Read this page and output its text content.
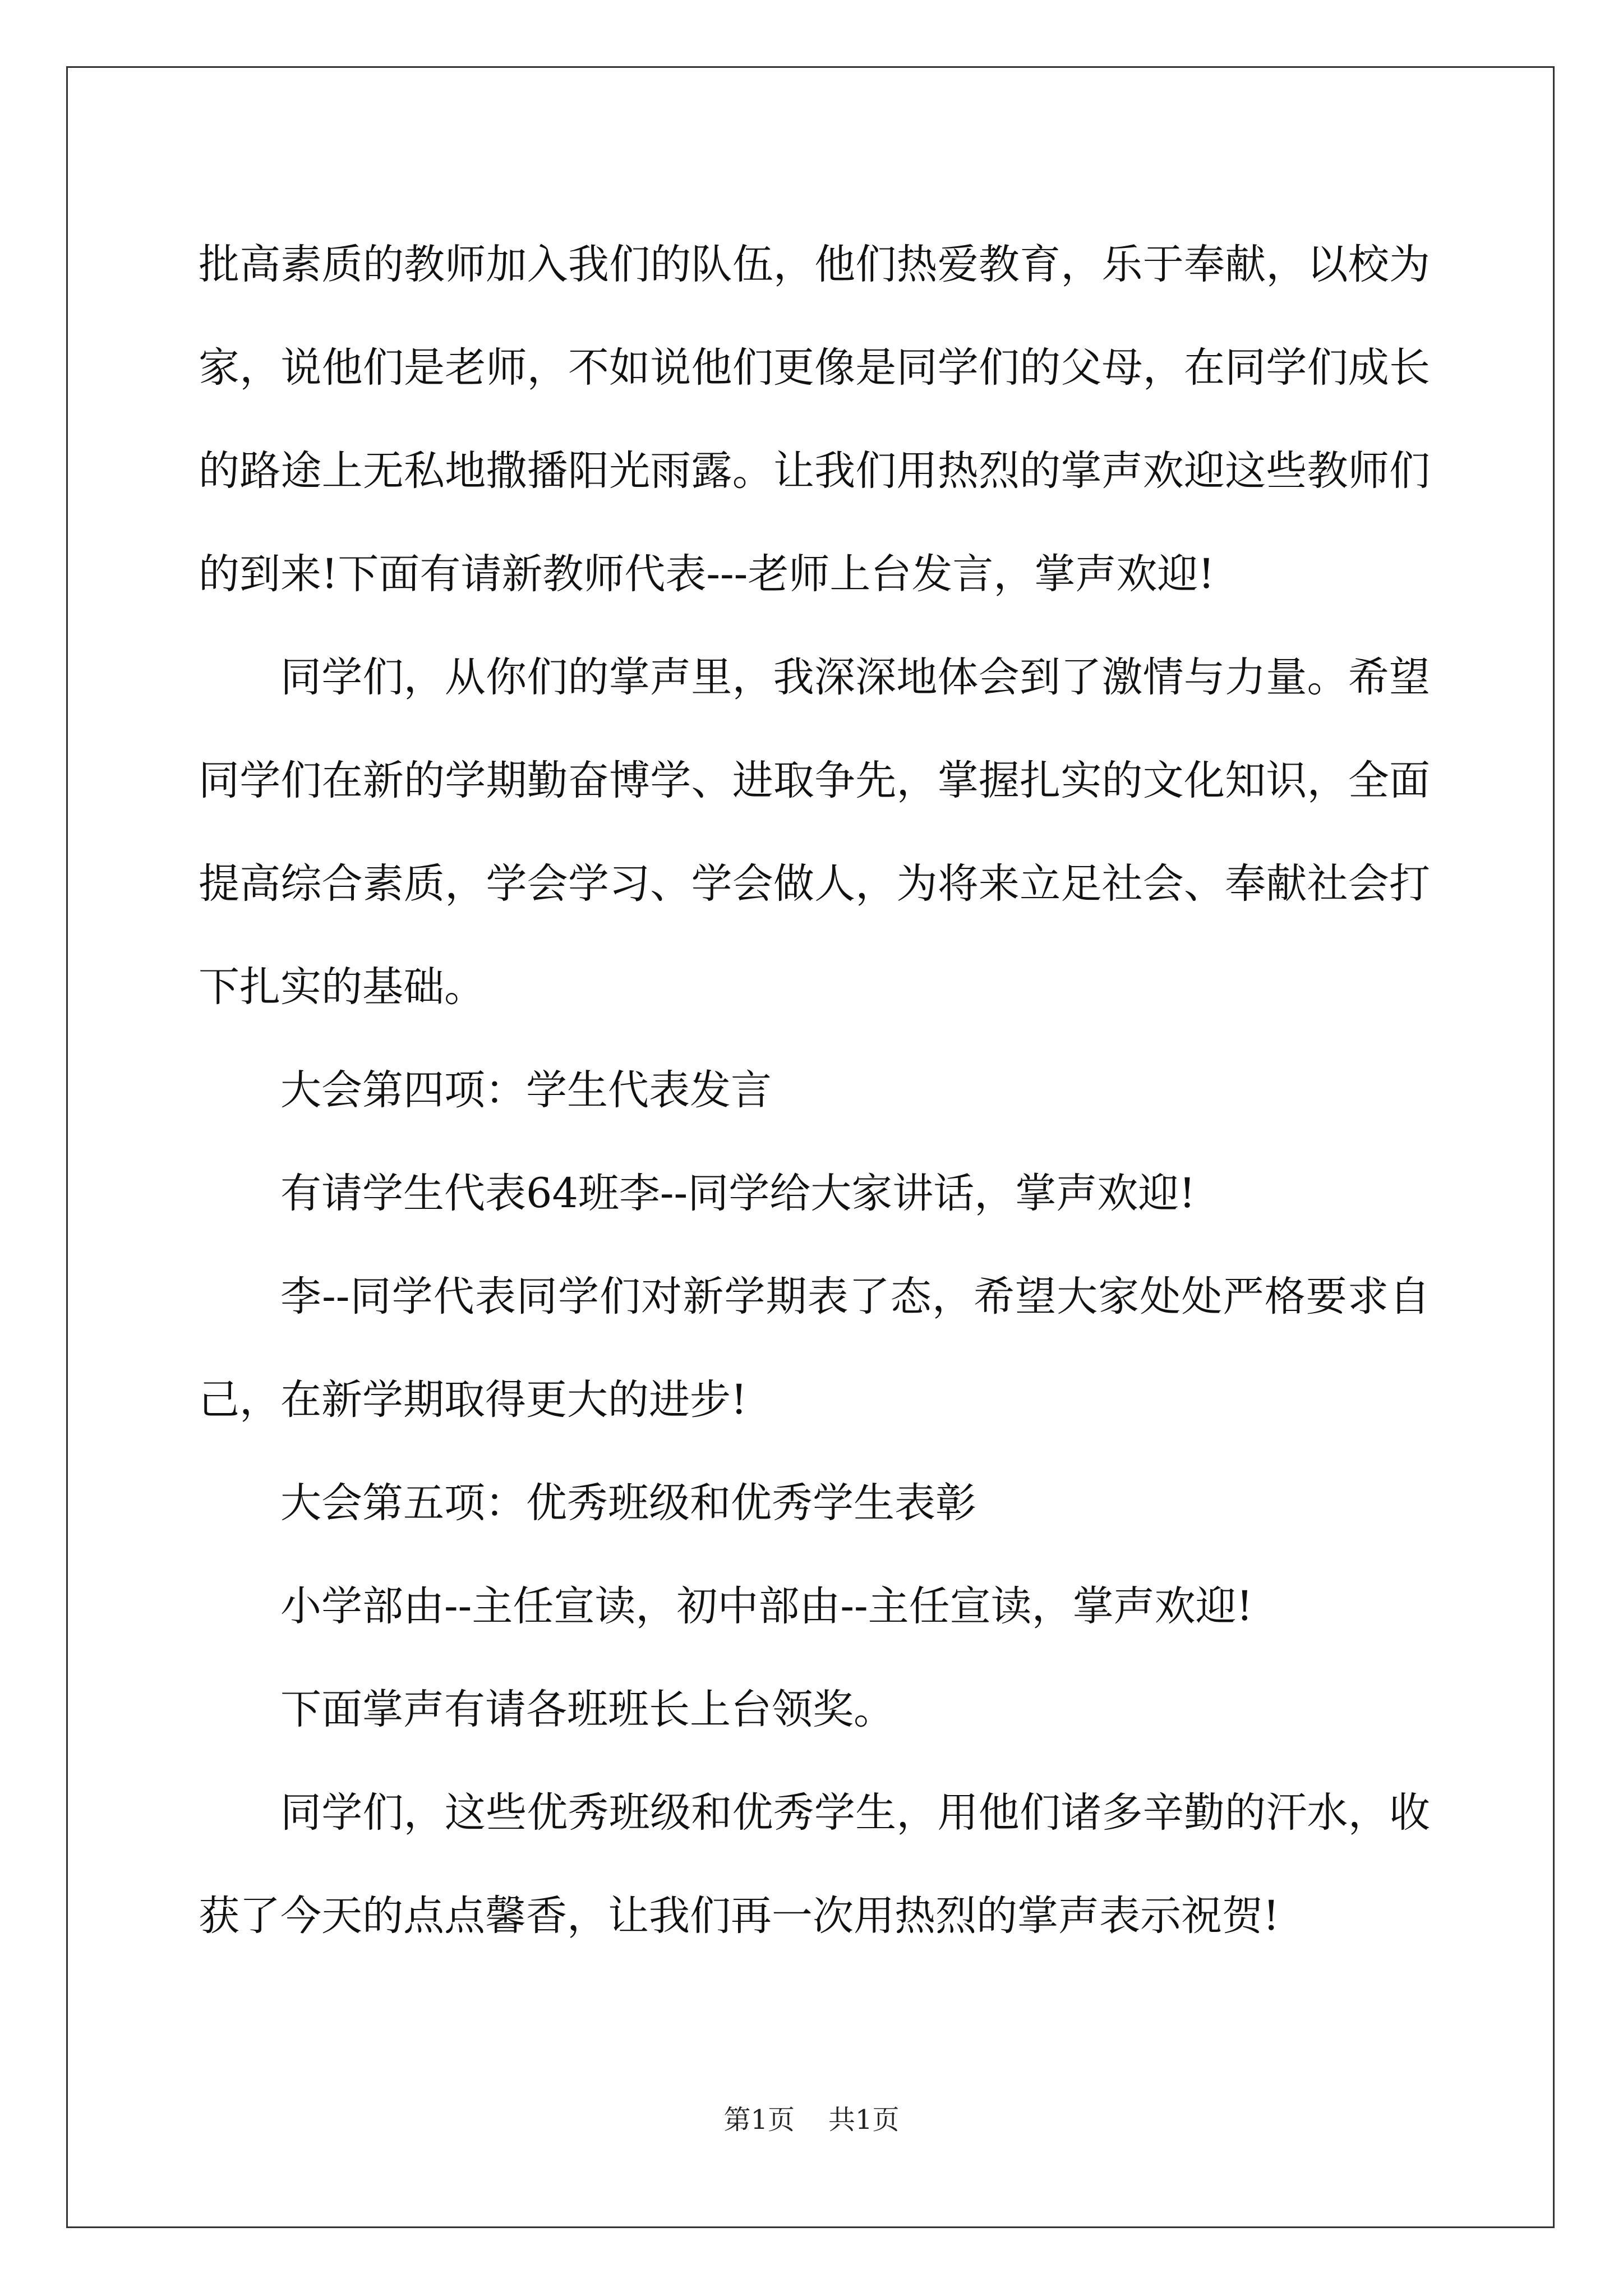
批高素质的教师加入我们的队伍，他们热爱教育，乐于奉献，以校为
家，说他们是老师，不如说他们更像是同学们的父母，在同学们成长
的路途上无私地撒播阳光雨露。让我们用热烈的掌声欢迎这些教师们
的到来!下面有请新教师代表---老师上台发言，掌声欢迎!
同学们，从你们的掌声里，我深深地体会到了激情与力量。希望
同学们在新的学期勤奋博学、进取争先，掌握扎实的文化知识，全面
提高综合素质，学会学习、学会做人，为将来立足社会、奉献社会打
下扎实的基础。
大会第四项：学生代表发言
有请学生代表64班李--同学给大家讲话，掌声欢迎!
李--同学代表同学们对新学期表了态，希望大家处处严格要求自
己，在新学期取得更大的进步!
大会第五项：优秀班级和优秀学生表彰
小学部由--主任宣读，初中部由--主任宣读，掌声欢迎!
下面掌声有请各班班长上台领奖。
同学们，这些优秀班级和优秀学生，用他们诸多辛勤的汗水，收
获了今天的点点馨香，让我们再一次用热烈的掌声表示祝贺!
第1页 共1页
